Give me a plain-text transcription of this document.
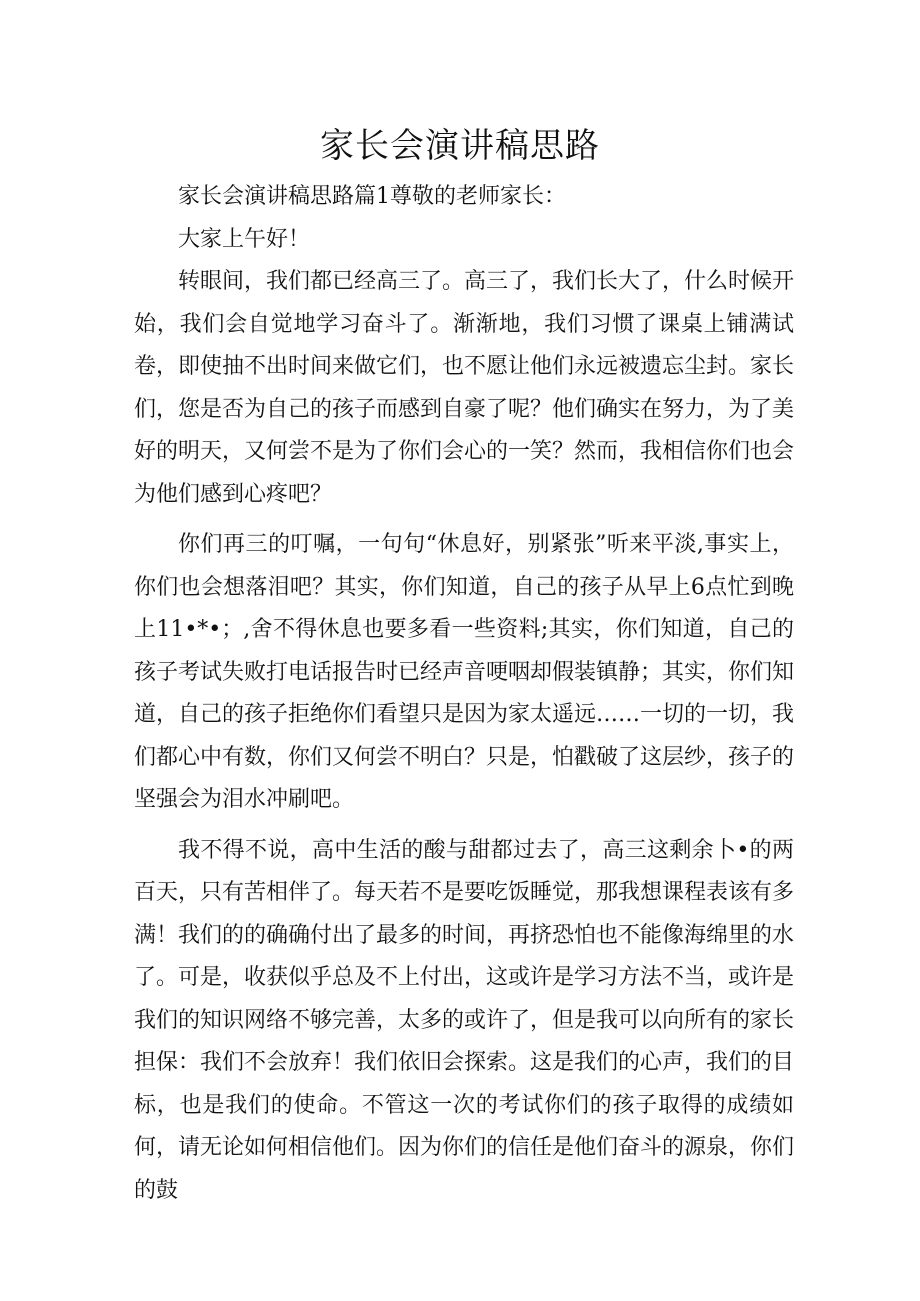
家长会演讲稿思路

家长会演讲稿思路篇1尊敬的老师家长：

大家上午好！

转眼间，我们都已经高三了。高三了，我们长大了，什么时候开始，我们会自觉地学习奋斗了。渐渐地，我们习惯了课桌上铺满试卷，即使抽不出时间来做它们，也不愿让他们永远被遗忘尘封。家长们，您是否为自己的孩子而感到自豪了呢？他们确实在努力，为了美好的明天，又何尝不是为了你们会心的一笑？然而，我相信你们也会为他们感到心疼吧？

你们再三的叮嘱，一句句“休息好，别紧张”听来平淡,事实上，你们也会想落泪吧？其实，你们知道，自己的孩子从早上6点忙到晚上11•*•；,舍不得休息也要多看一些资料;其实，你们知道，自己的孩子考试失败打电话报告时已经声音哽咽却假装镇静；其实，你们知道，自己的孩子拒绝你们看望只是因为家太遥远……一切的一切，我们都心中有数，你们又何尝不明白？只是，怕戳破了这层纱，孩子的坚强会为泪水冲刷吧。

我不得不说，高中生活的酸与甜都过去了，高三这剩余卜•的两百天，只有苦相伴了。每天若不是要吃饭睡觉，那我想课程表该有多满！我们的的确确付出了最多的时间，再挤恐怕也不能像海绵里的水了。可是，收获似乎总及不上付出，这或许是学习方法不当，或许是我们的知识网络不够完善，太多的或许了，但是我可以向所有的家长担保：我们不会放弃！我们依旧会探索。这是我们的心声，我们的目标，也是我们的使命。不管这一次的考试你们的孩子取得的成绩如何，请无论如何相信他们。因为你们的信任是他们奋斗的源泉，你们的鼓
